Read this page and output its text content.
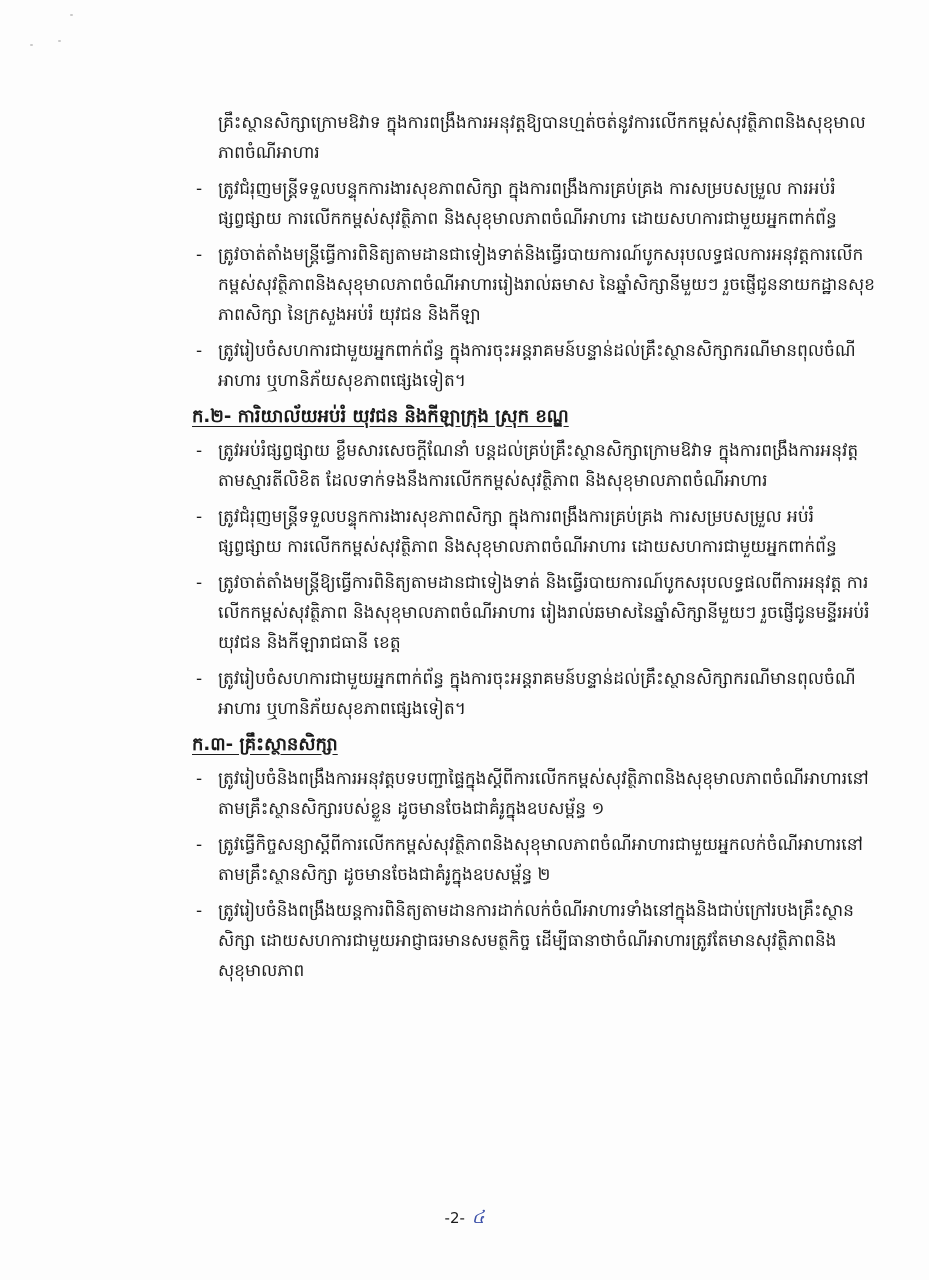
គ្រឹះស្ថានសិក្សាក្រោមឱវាទ ក្នុងការពង្រឹងការអនុវត្តឱ្យបានហ្មត់ចត់នូវការលើកកម្ពស់សុវត្ថិភាពនិងសុខុមាលភាពចំណីអាហារ

- ត្រូវជំរុញមន្ត្រីទទួលបន្ទុកការងារសុខភាពសិក្សា ក្នុងការពង្រឹងការគ្រប់គ្រង ការសម្របសម្រួល ការអប់រំផ្សព្វផ្សាយ ការលើកកម្ពស់សុវត្ថិភាព និងសុខុមាលភាពចំណីអាហារ ដោយសហការជាមួយអ្នកពាក់ព័ន្ធ
- ត្រូវចាត់តាំងមន្ត្រីធ្វើការពិនិត្យតាមដានជាទៀងទាត់និងធ្វើរបាយការណ៍បូកសរុបលទ្ធផលការអនុវត្តការលើកកម្ពស់សុវត្ថិភាពនិងសុខុមាលភាពចំណីអាហាររៀងរាល់ឆមាស នៃឆ្នាំសិក្សានីមួយៗ រួចផ្ញើជូននាយកដ្ឋានសុខភាពសិក្សា នៃក្រសួងអប់រំ យុវជន និងកីឡា
- ត្រូវរៀបចំសហការជាមួយអ្នកពាក់ព័ន្ធ ក្នុងការចុះអន្តរាគមន៍បន្ទាន់ដល់គ្រឹះស្ថានសិក្សាករណីមានពុលចំណីអាហារ ឬហានិភ័យសុខភាពផ្សេងទៀត។
ក.២- ការិយាល័យអប់រំ យុវជន និងកីឡាក្រុង ស្រុក ខណ្ឌ
- ត្រូវអប់រំផ្សព្វផ្សាយ ខ្លឹមសារសេចក្តីណែនាំ បន្តដល់គ្រប់គ្រឹះស្ថានសិក្សាក្រោមឱវាទ ក្នុងការពង្រឹងការអនុវត្តតាមស្មារតីលិខិត ដែលទាក់ទងនឹងការលើកកម្ពស់សុវត្ថិភាព និងសុខុមាលភាពចំណីអាហារ
- ត្រូវជំរុញមន្ត្រីទទួលបន្ទុកការងារសុខភាពសិក្សា ក្នុងការពង្រឹងការគ្រប់គ្រង ការសម្របសម្រួល អប់រំផ្សព្វផ្សាយ ការលើកកម្ពស់សុវត្ថិភាព និងសុខុមាលភាពចំណីអាហារ ដោយសហការជាមួយអ្នកពាក់ព័ន្ធ
- ត្រូវចាត់តាំងមន្ត្រីឱ្យធ្វើការពិនិត្យតាមដានជាទៀងទាត់ និងធ្វើរបាយការណ៍បូកសរុបលទ្ធផលពីការអនុវត្ត ការលើកកម្ពស់សុវត្ថិភាព និងសុខុមាលភាពចំណីអាហារ រៀងរាល់ឆមាសនៃឆ្នាំសិក្សានីមួយៗ រួចផ្ញើជូនមន្ទីរអប់រំ យុវជន និងកីឡារាជធានី ខេត្ត
- ត្រូវរៀបចំសហការជាមួយអ្នកពាក់ព័ន្ធ ក្នុងការចុះអន្តរាគមន៍បន្ទាន់ដល់គ្រឹះស្ថានសិក្សាករណីមានពុលចំណីអាហារ ឬហានិភ័យសុខភាពផ្សេងទៀត។
ក.៣- គ្រឹះស្ថានសិក្សា
- ត្រូវរៀបចំនិងពង្រឹងការអនុវត្តបទបញ្ជាផ្ទៃក្នុងស្តីពីការលើកកម្ពស់សុវត្ថិភាពនិងសុខុមាលភាពចំណីអាហារនៅតាមគ្រឹះស្ថានសិក្សារបស់ខ្លួន ដូចមានចែងជាគំរូក្នុងឧបសម្ព័ន្ធ ១
- ត្រូវធ្វើកិច្ចសន្យាស្តីពីការលើកកម្ពស់សុវត្ថិភាពនិងសុខុមាលភាពចំណីអាហារជាមួយអ្នកលក់ចំណីអាហារនៅតាមគ្រឹះស្ថានសិក្សា ដូចមានចែងជាគំរូក្នុងឧបសម្ព័ន្ធ ២
- ត្រូវរៀបចំនិងពង្រឹងយន្តការពិនិត្យតាមដានការដាក់លក់ចំណីអាហារទាំងនៅក្នុងនិងជាប់ក្រៅរបងគ្រឹះស្ថានសិក្សា ដោយសហការជាមួយអាជ្ញាធរមានសមត្ថកិច្ច ដើម្បីធានាថាចំណីអាហារត្រូវតែមានសុវត្ថិភាពនិងសុខុមាលភាព
-2- ៤
